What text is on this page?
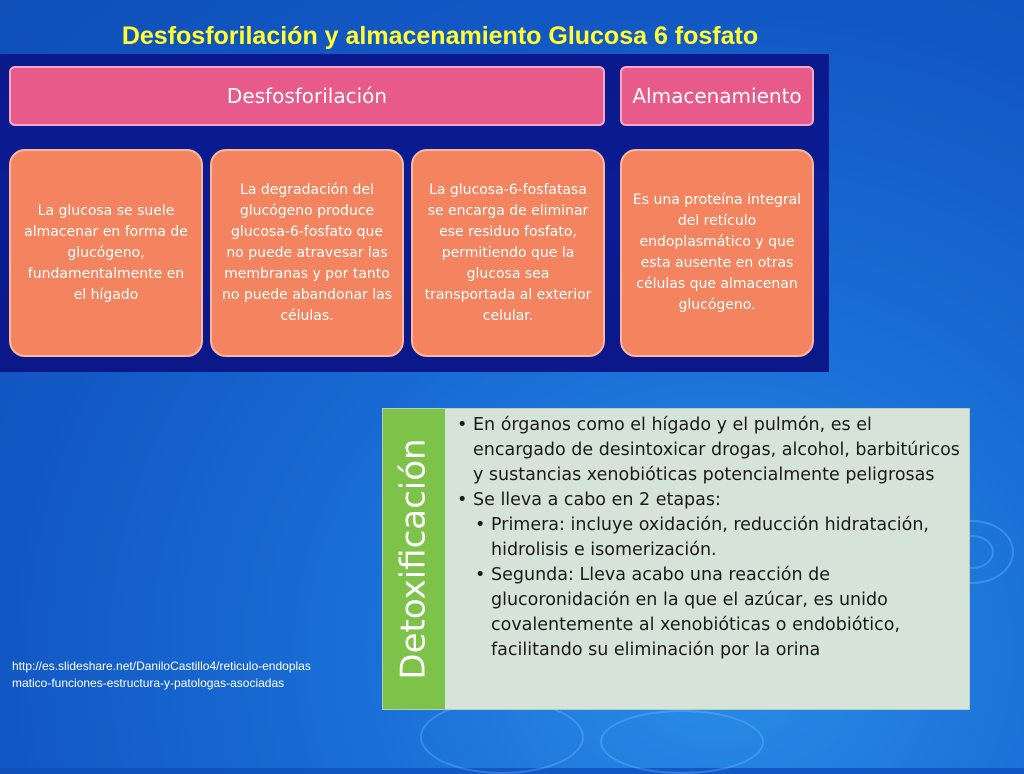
Desfosforilación y almacenamiento Glucosa 6 fosfato
Desfosforilación	Almacenamiento
La glucosa se suele almacenar en forma de glucógeno, fundamentalmente en el hígado
La degradación del glucógeno produce glucosa-6-fosfato que no puede atravesar las membranas y por tanto no puede abandonar las células.
La glucosa-6-fosfatasa se encarga de eliminar ese residuo fosfato, permitiendo que la glucosa sea transportada al exterior celular.
Es una proteína integral del retículo endoplasmático y que esta ausente en otras células que almacenan glucógeno.
Detoxificación

• En órganos como el hígado y el pulmón, es el encargado de desintoxicar drogas, alcohol, barbitúricos y sustancias xenobióticas potencialmente peligrosas

• Se lleva a cabo en 2 etapas:

• Primera: incluye oxidación, reducción hidratación, hidrolisis e isomerización.

• Segunda: Lleva acabo una reacción de glucoronidación en la que el azúcar, es unido covalentemente al xenobióticas o endobiótico, facilitando su eliminación por la orina

http://es.slideshare.net/DaniloCastillo4/reticulo-endoplasmatico-funciones-estructura-y-patologas-asociadas
